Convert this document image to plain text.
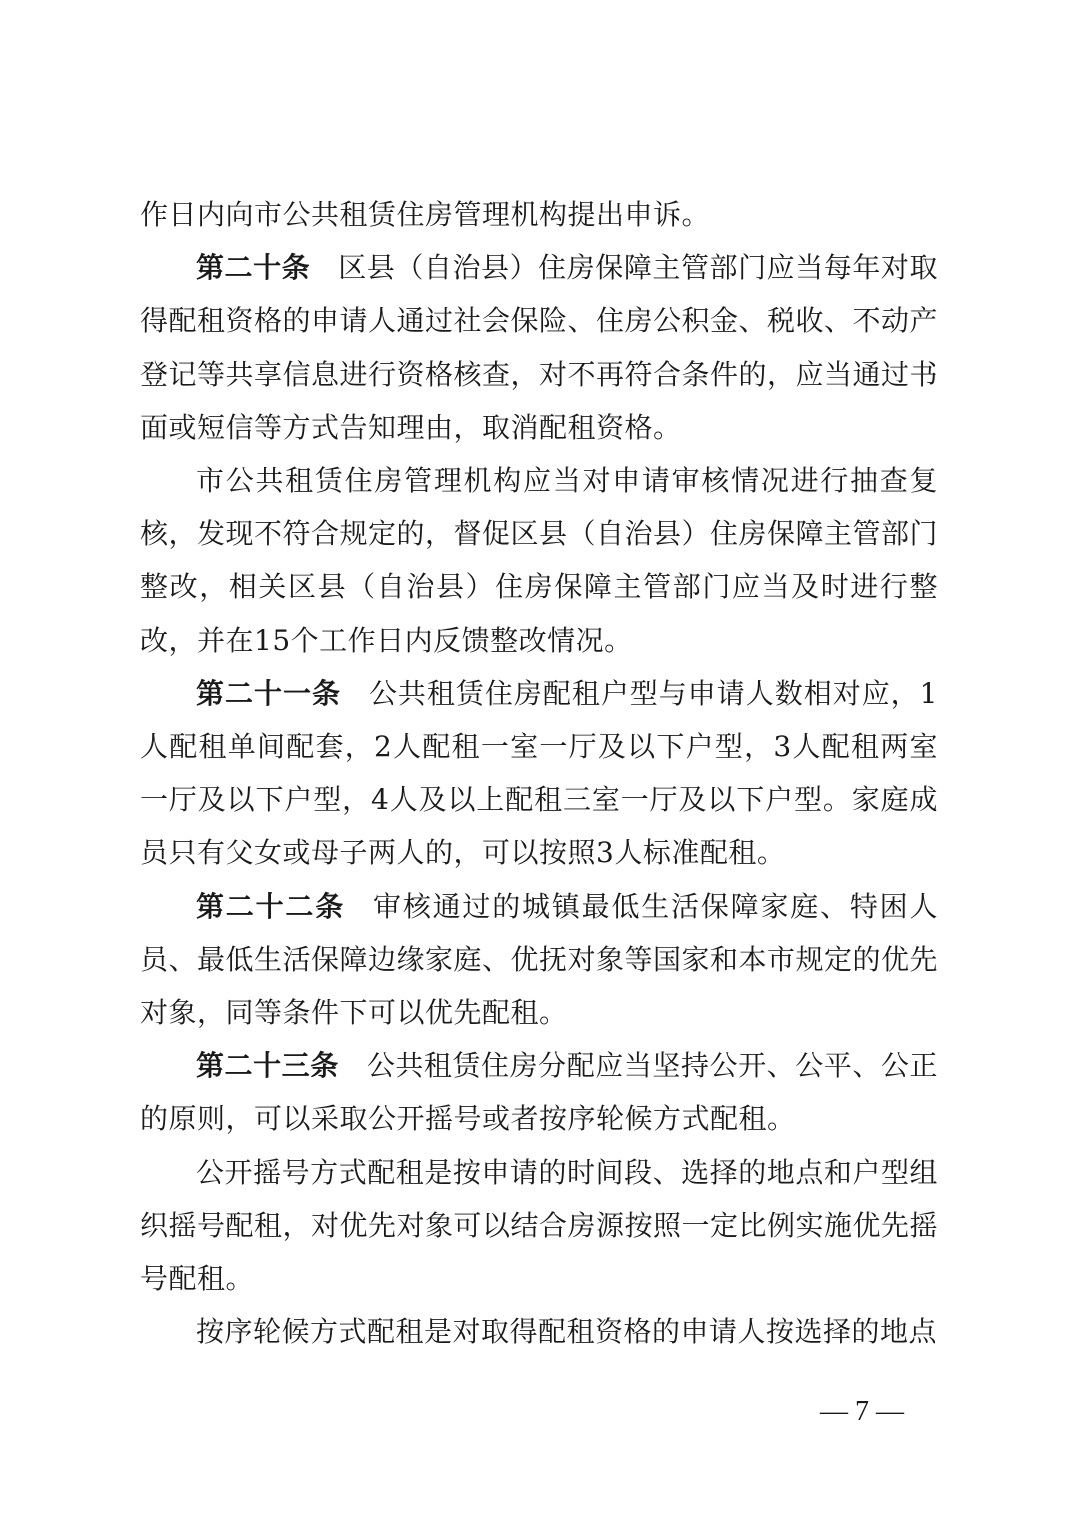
作日内向市公共租赁住房管理机构提出申诉。

第二十条 区县（自治县）住房保障主管部门应当每年对取得配租资格的申请人通过社会保险、住房公积金、税收、不动产登记等共享信息进行资格核查，对不再符合条件的，应当通过书面或短信等方式告知理由，取消配租资格。

市公共租赁住房管理机构应当对申请审核情况进行抽查复核，发现不符合规定的，督促区县（自治县）住房保障主管部门整改，相关区县（自治县）住房保障主管部门应当及时进行整改，并在15个工作日内反馈整改情况。

第二十一条 公共租赁住房配租户型与申请人数相对应，1人配租单间配套，2人配租一室一厅及以下户型，3人配租两室一厅及以下户型，4人及以上配租三室一厅及以下户型。家庭成员只有父女或母子两人的，可以按照3人标准配租。

第二十二条 审核通过的城镇最低生活保障家庭、特困人员、最低生活保障边缘家庭、优抚对象等国家和本市规定的优先对象，同等条件下可以优先配租。

第二十三条 公共租赁住房分配应当坚持公开、公平、公正的原则，可以采取公开摇号或者按序轮候方式配租。

公开摇号方式配租是按申请的时间段、选择的地点和户型组织摇号配租，对优先对象可以结合房源按照一定比例实施优先摇号配租。

按序轮候方式配租是对取得配租资格的申请人按选择的地点

— 7 —
